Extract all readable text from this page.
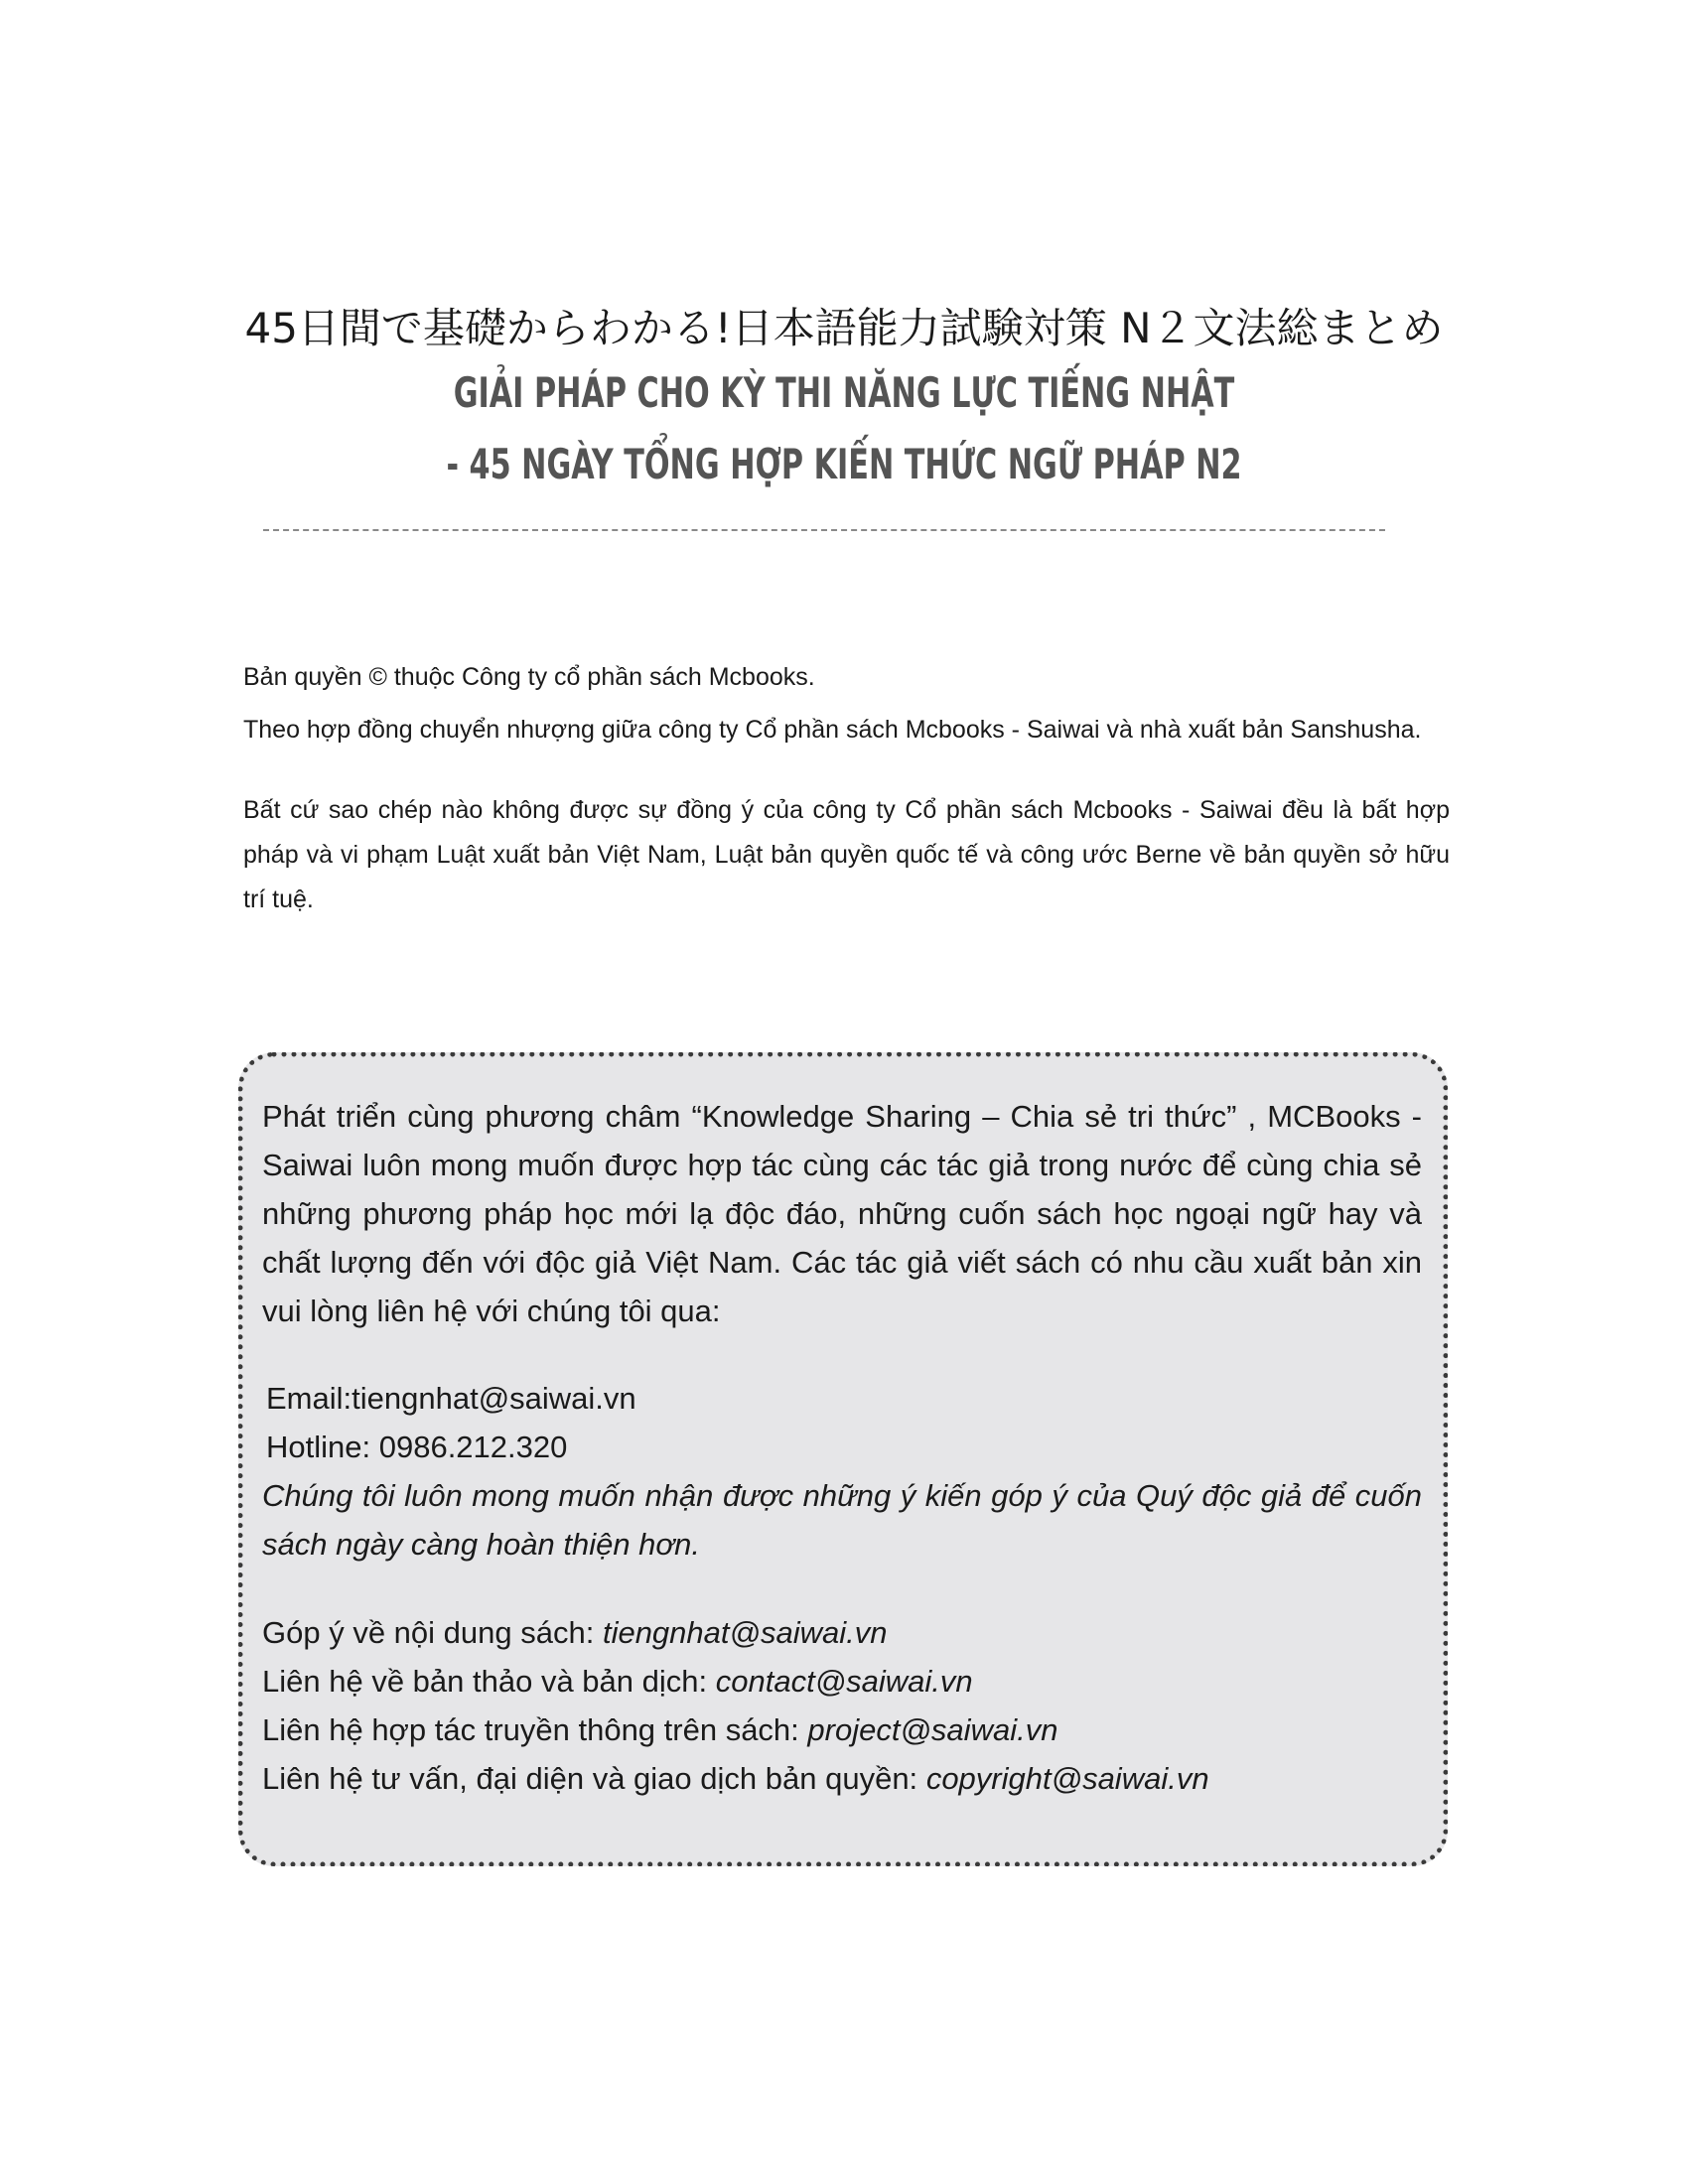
45日間で基礎からわかる!日本語能力試験対策 N２文法総まとめ
GIẢI PHÁP CHO KỲ THI NĂNG LỰC TIẾNG NHẬT
- 45 NGÀY TỔNG HỢP KIẾN THỨC NGỮ PHÁP N2

Bản quyền © thuộc Công ty cổ phần sách Mcbooks.

Theo hợp đồng chuyển nhượng giữa công ty Cổ phần sách Mcbooks - Saiwai và nhà xuất bản Sanshusha.

Bất cứ sao chép nào không được sự đồng ý của công ty Cổ phần sách Mcbooks - Saiwai đều là bất hợp pháp và vi phạm Luật xuất bản Việt Nam, Luật bản quyền quốc tế và công ước Berne về bản quyền sở hữu trí tuệ.

Phát triển cùng phương châm “Knowledge Sharing – Chia sẻ tri thức” , MCBooks - Saiwai luôn mong muốn được hợp tác cùng các tác giả trong nước để cùng chia sẻ những phương pháp học mới lạ độc đáo, những cuốn sách học ngoại ngữ hay và chất lượng đến với độc giả Việt Nam. Các tác giả viết sách có nhu cầu xuất bản xin vui lòng liên hệ với chúng tôi qua:
Email:tiengnhat@saiwai.vn
Hotline: 0986.212.320
Chúng tôi luôn mong muốn nhận được những ý kiến góp ý của Quý độc giả để cuốn sách ngày càng hoàn thiện hơn.
Góp ý về nội dung sách: tiengnhat@saiwai.vn
Liên hệ về bản thảo và bản dịch: contact@saiwai.vn
Liên hệ hợp tác truyền thông trên sách: project@saiwai.vn
Liên hệ tư vấn, đại diện và giao dịch bản quyền: copyright@saiwai.vn
